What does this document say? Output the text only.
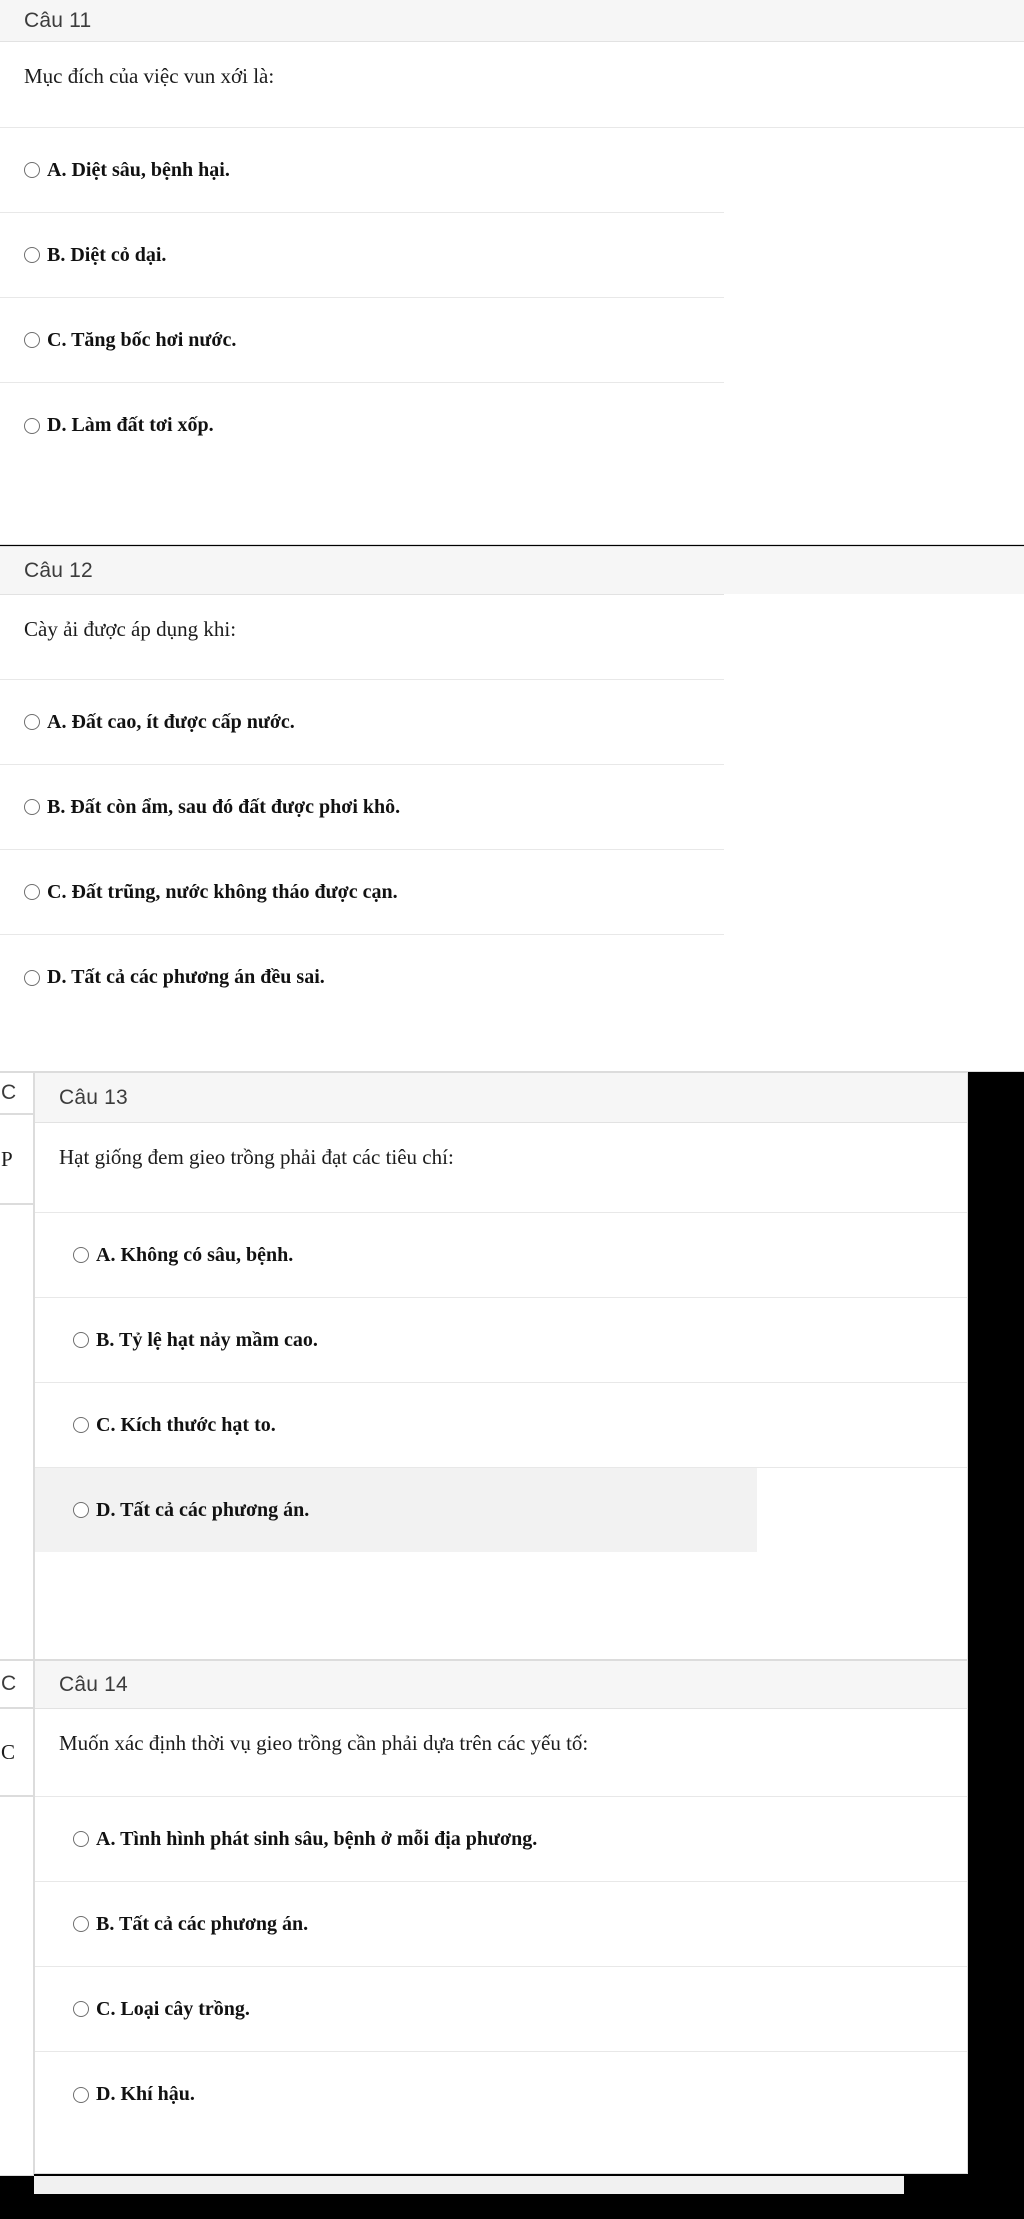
Câu 11
Mục đích của việc vun xới là:
A. Diệt sâu, bệnh hại.
B. Diệt cỏ dại.
C. Tăng bốc hơi nước.
D. Làm đất tơi xốp.
Câu 12
Cày ải được áp dụng khi:
A. Đất cao, ít được cấp nước.
B. Đất còn ẩm, sau đó đất được phơi khô.
C. Đất trũng, nước không tháo được cạn.
D. Tất cả các phương án đều sai.
C
P
Câu 13
Hạt giống đem gieo trồng phải đạt các tiêu chí:
A. Không có sâu, bệnh.
B. Tỷ lệ hạt nảy mầm cao.
C. Kích thước hạt to.
D. Tất cả các phương án.
C
C
Câu 14
Muốn xác định thời vụ gieo trồng cần phải dựa trên các yếu tố:
A. Tình hình phát sinh sâu, bệnh ở mỗi địa phương.
B. Tất cả các phương án.
C. Loại cây trồng.
D. Khí hậu.
